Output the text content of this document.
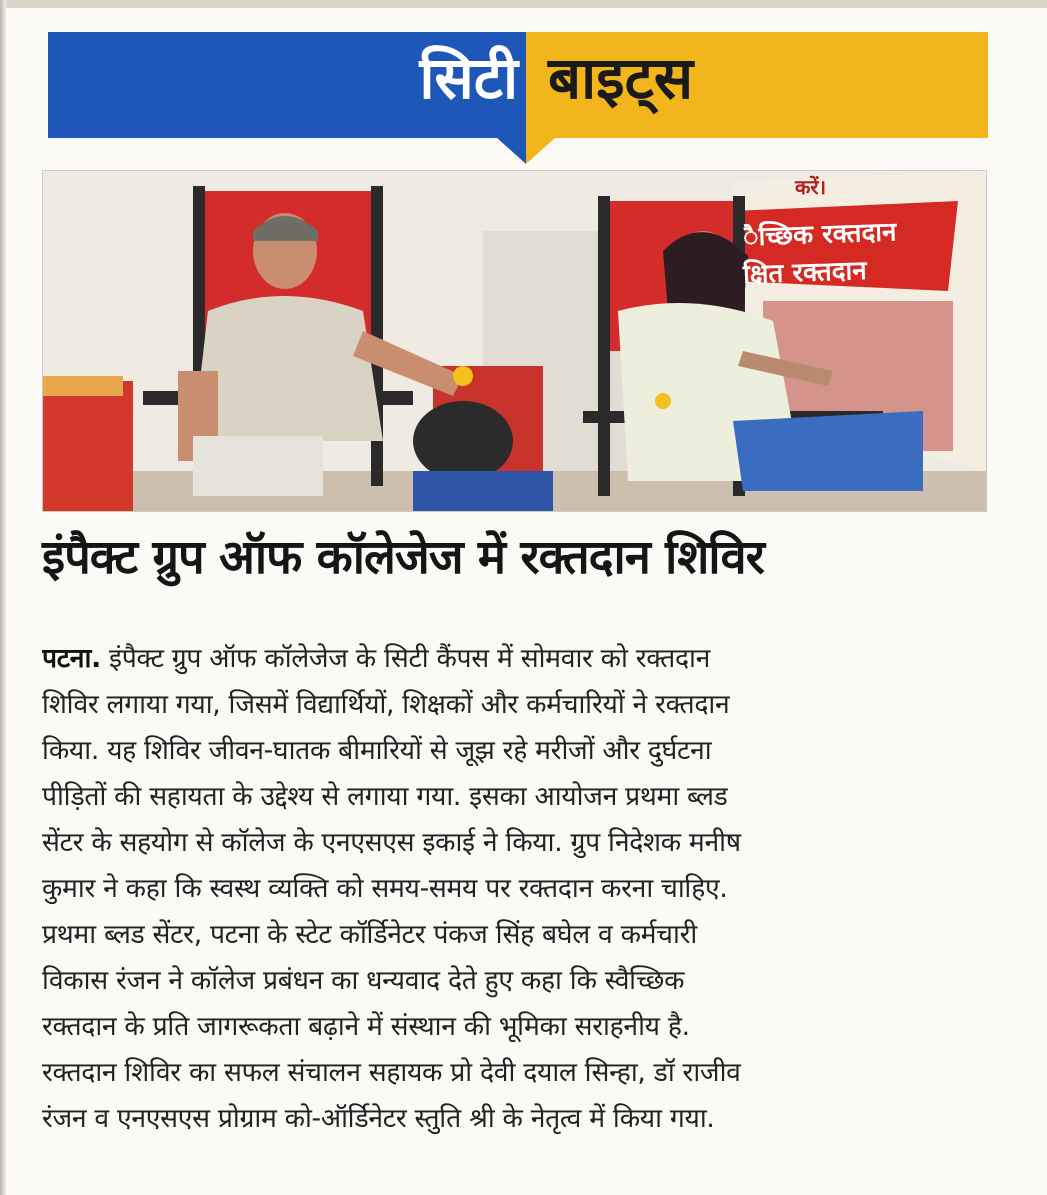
सिटी बाइट्स
करें।
ैच्छिक रक्तदान
क्षित रक्तदान
इंपैक्ट ग्रुप ऑफ कॉलेजेज में रक्तदान शिविर
पटना. इंपैक्ट ग्रुप ऑफ कॉलेजेज के सिटी कैंपस में सोमवार को रक्तदान
शिविर लगाया गया, जिसमें विद्यार्थियों, शिक्षकों और कर्मचारियों ने रक्तदान
किया. यह शिविर जीवन-घातक बीमारियों से जूझ रहे मरीजों और दुर्घटना
पीड़ितों की सहायता के उद्देश्य से लगाया गया. इसका आयोजन प्रथमा ब्लड
सेंटर के सहयोग से कॉलेज के एनएसएस इकाई ने किया. ग्रुप निदेशक मनीष
कुमार ने कहा कि स्वस्थ व्यक्ति को समय-समय पर रक्तदान करना चाहिए.
प्रथमा ब्लड सेंटर, पटना के स्टेट कॉर्डिनेटर पंकज सिंह बघेल व कर्मचारी
विकास रंजन ने कॉलेज प्रबंधन का धन्यवाद देते हुए कहा कि स्वैच्छिक
रक्तदान के प्रति जागरूकता बढ़ाने में संस्थान की भूमिका सराहनीय है.
रक्तदान शिविर का सफल संचालन सहायक प्रो देवी दयाल सिन्हा, डॉ राजीव
रंजन व एनएसएस प्रोग्राम को-ऑर्डिनेटर स्तुति श्री के नेतृत्व में किया गया.
